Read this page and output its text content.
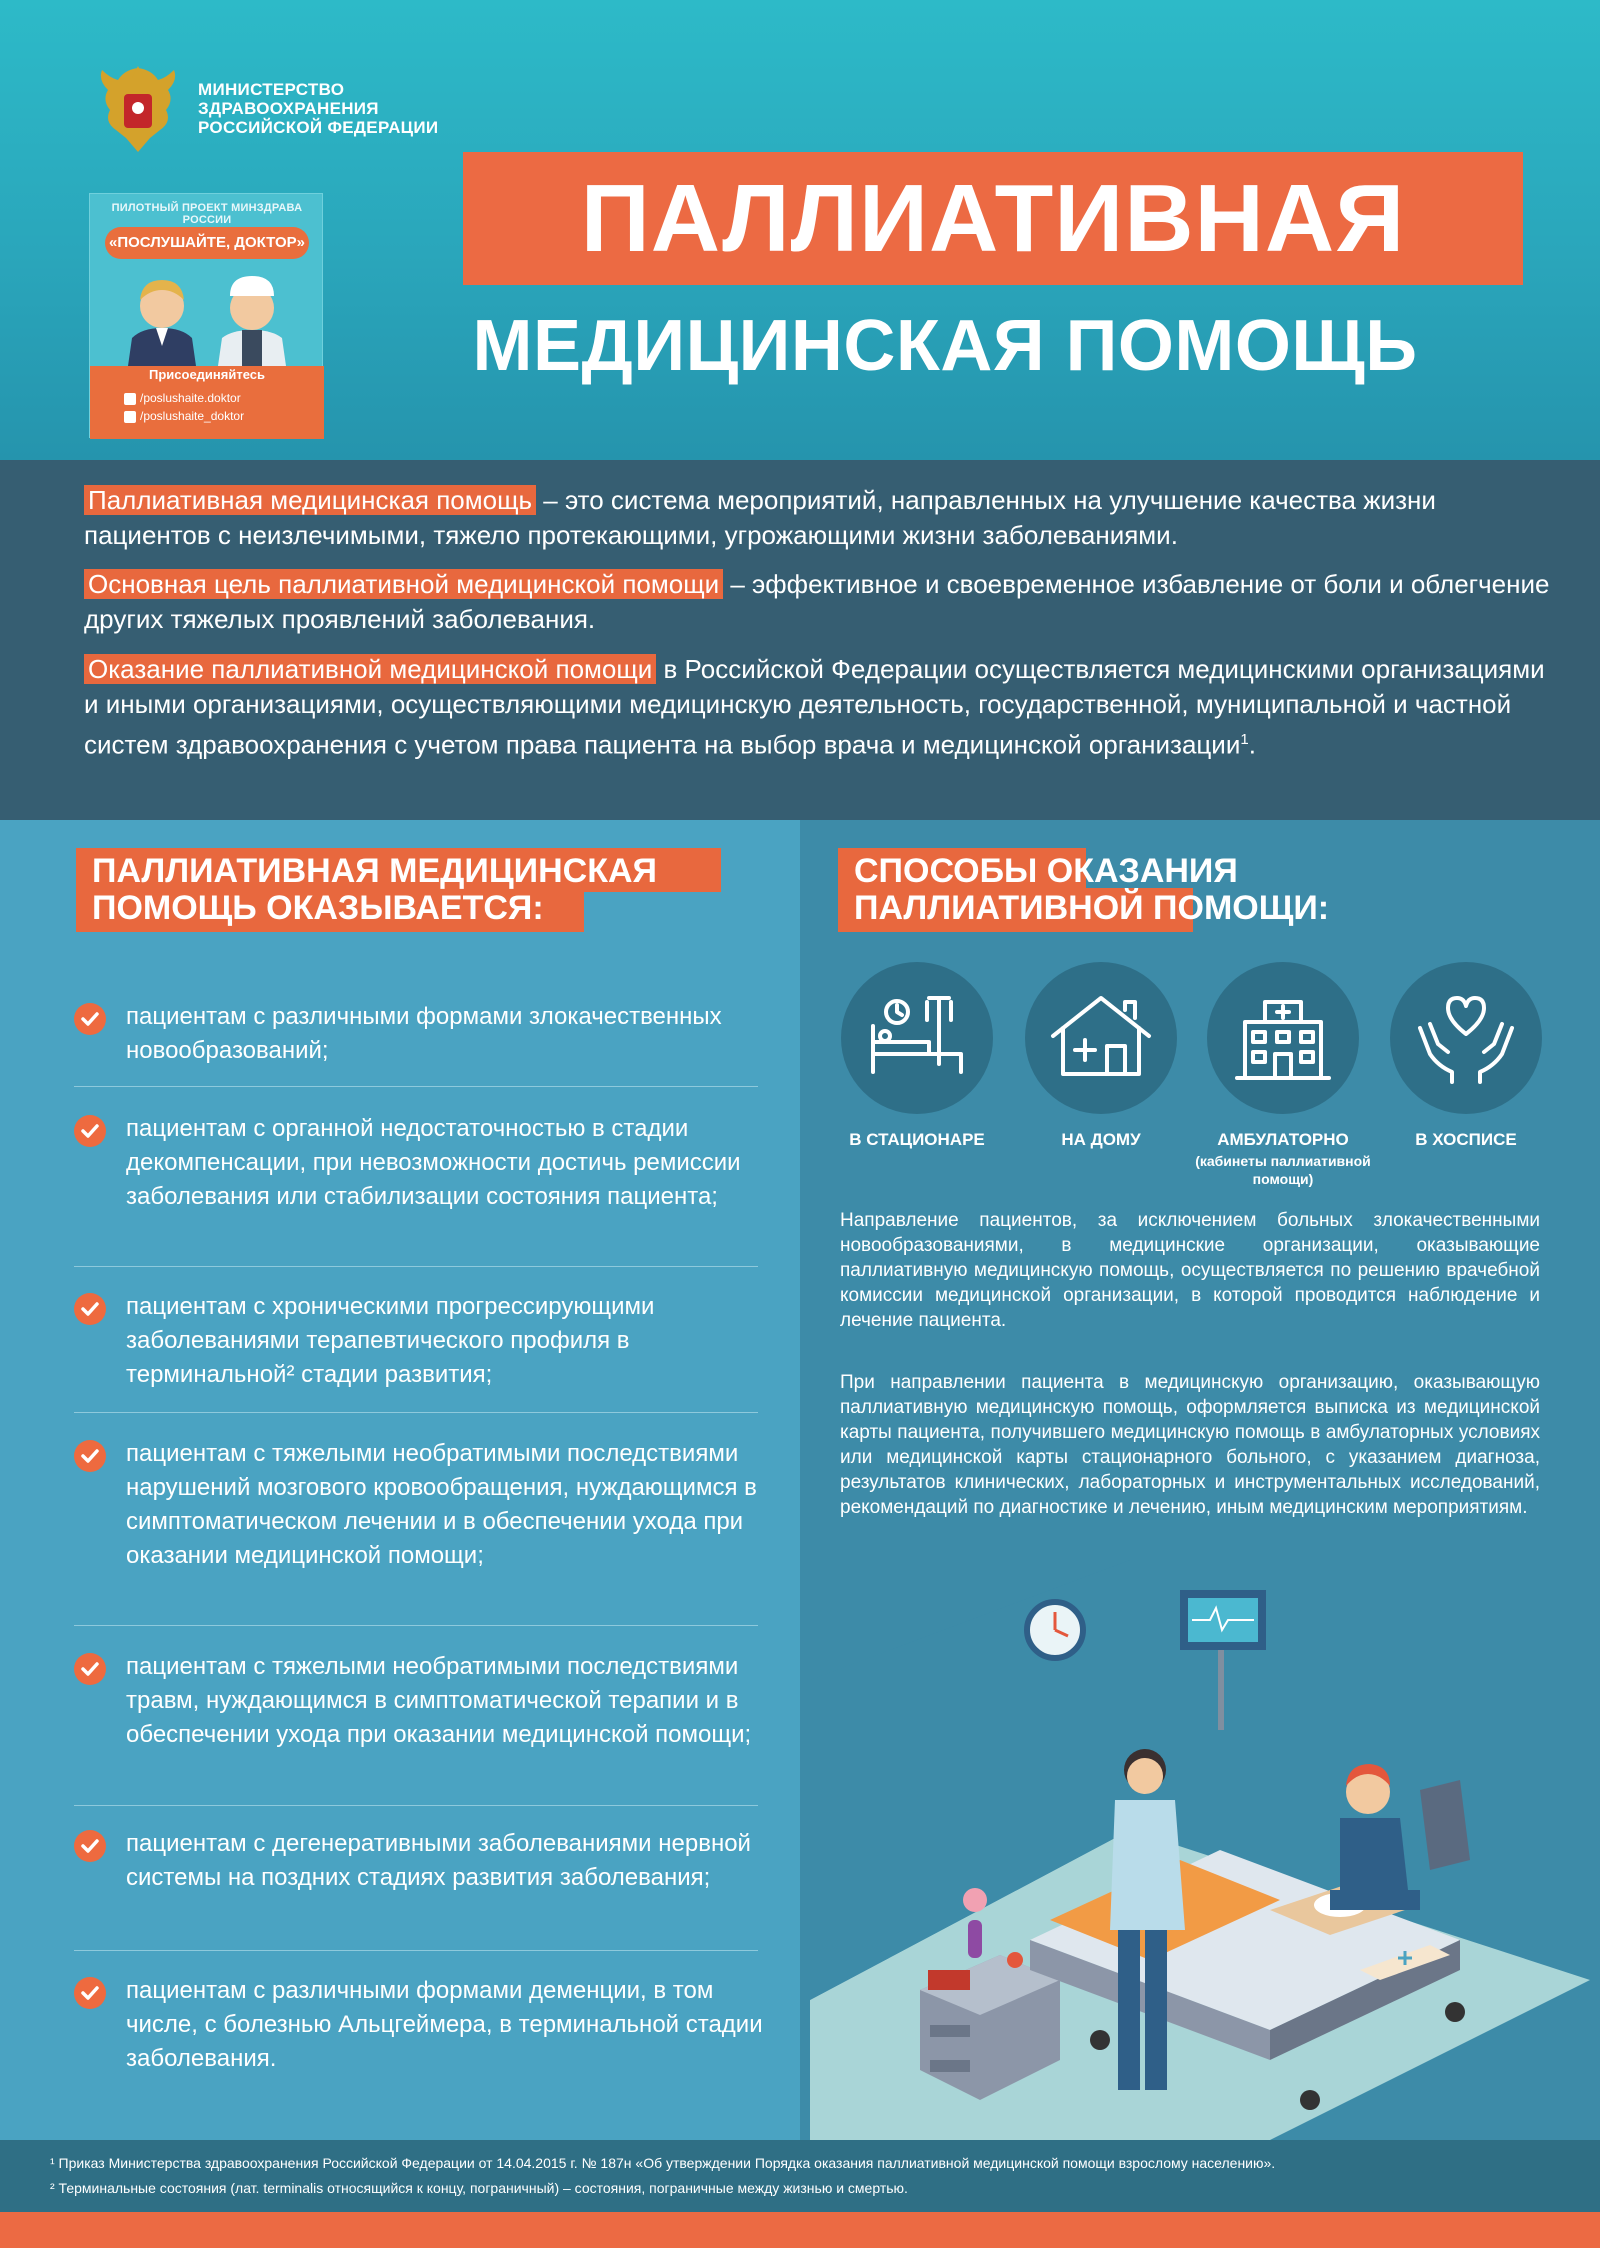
МИНИСТЕРСТВО
ЗДРАВООХРАНЕНИЯ
РОССИЙСКОЙ ФЕДЕРАЦИИ
ПИЛОТНЫЙ ПРОЕКТ МИНЗДРАВА РОССИИ
«ПОСЛУШАЙТЕ, ДОКТОР»
Присоединяйтесь
/poslushaite.doktor
/poslushaite_doktor
ПАЛЛИАТИВНАЯ
МЕДИЦИНСКАЯ ПОМОЩЬ

Паллиативная медицинская помощь – это система мероприятий, направленных на улучшение качества жизни пациентов с неизлечимыми, тяжело протекающими, угрожающими жизни заболеваниями.

Основная цель паллиативной медицинской помощи – эффективное и своевременное избавление от боли и облегчение других тяжелых проявлений заболевания.

Оказание паллиативной медицинской помощи в Российской Федерации осуществляется медицинскими организациями и иными организациями, осуществляющими медицинскую деятельность, государственной, муниципальной и частной систем здравоохранения с учетом права пациента на выбор врача и медицинской организации$^1$.

ПАЛЛИАТИВНАЯ МЕДИЦИНСКАЯ
ПОМОЩЬ ОКАЗЫВАЕТСЯ:
пациентам с различными формами злокачественных новообразований;
пациентам с органной недостаточностью в стадии декомпенсации, при невозможности достичь ремиссии заболевания или стабилизации состояния пациента;
пациентам с хроническими прогрессирующими заболеваниями терапевтического профиля в терминальной² стадии развития;
пациентам с тяжелыми необратимыми последствиями нарушений мозгового кровообращения, нуждающимся в симптоматическом лечении и в обеспечении ухода при оказании медицинской помощи;
пациентам с тяжелыми необратимыми последствиями травм, нуждающимся в симптоматической терапии и в обеспечении ухода при оказании медицинской помощи;
пациентам с дегенеративными заболеваниями нервной системы на поздних стадиях развития заболевания;
пациентам с различными формами деменции, в том числе, с болезнью Альцгеймера, в терминальной стадии заболевания.
СПОСОБЫ ОКАЗАНИЯ
ПАЛЛИАТИВНОЙ ПОМОЩИ:
В СТАЦИОНАРЕ	НА ДОМУ	АМБУЛАТОРНО
(кабинеты паллиативной помощи)
В ХОСПИСЕ
Направление пациентов, за исключением больных злокачественными новообразованиями, в медицинские организации, оказывающие паллиативную медицинскую помощь, осуществляется по решению врачебной комиссии медицинской организации, в которой проводится наблюдение и лечение пациента.
При направлении пациента в медицинскую организацию, оказывающую паллиативную медицинскую помощь, оформляется выписка из медицинской карты пациента, получившего медицинскую помощь в амбулаторных условиях или медицинской карты стационарного больного, с указанием диагноза, результатов клинических, лабораторных и инструментальных исследований, рекомендаций по диагностике и лечению, иным медицинским мероприятиям.
¹ Приказ Министерства здравоохранения Российской Федерации от 14.04.2015 г. № 187н «Об утверждении Порядка оказания паллиативной медицинской помощи взрослому населению».
² Терминальные состояния (лат. terminalis относящийся к концу, пограничный) – состояния, пограничные между жизнью и смертью.
